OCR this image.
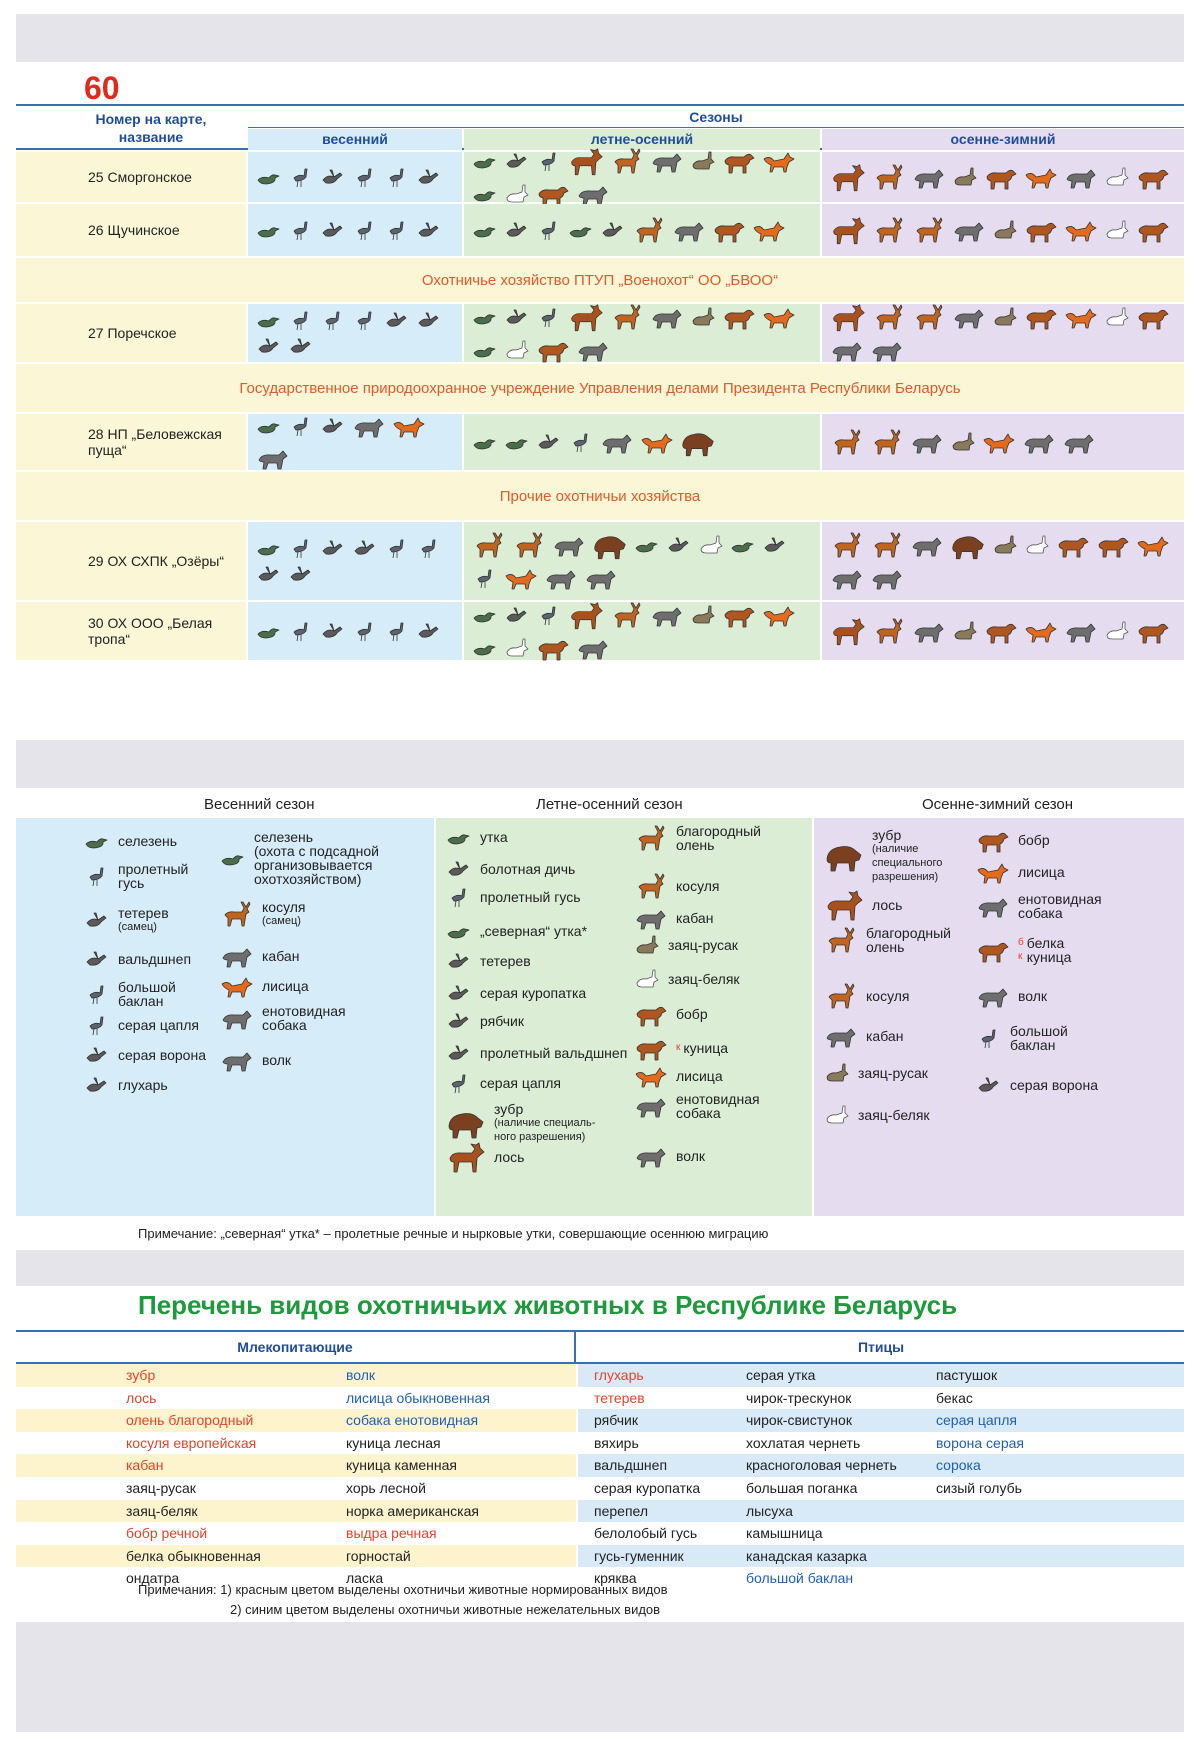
60
Номер на карте,
название
Сезоны
весенний	летне-осенний	осенне-зимний
25 Сморгонское
26 Щучинское
Охотничье хозяйство ПТУП „Военохот“ ОО „БВОО“
27 Поречское
Государственное природоохранное учреждение Управления делами Президента Республики Беларусь
28 НП „Беловежская пуща“
Прочие охотничьи хозяйства
29 ОХ СХПК „Озёры“
30 ОХ ООО „Белая тропа“
Весенний сезон	Летне-осенний сезон	Осенне-зимний сезон
селезень
пролетный
гусь
тетерев
(самец)
вальдшнеп
большой
баклан
серая цапля
серая ворона
глухарь
селезень
(охота с подсадной
организовывается
охотхозяйством)
косуля
(самец)
кабан
лисица
енотовидная
собака
волк
утка
болотная дичь
пролетный гусь
„северная“ утка*
тетерев
серая куропатка
рябчик
пролетный вальдшнеп
серая цапля
зубр
(наличие специаль-
ного разрешения)
лось
благородный
олень
косуля
кабан
заяц-русак
заяц-беляк
бобр
к куница
лисица
енотовидная
собака
волк
зубр
(наличие
специального
разрешения)
лось
благородный
олень
косуля
кабан
заяц-русак
заяц-беляк
бобр
лисица
енотовидная
собака
б
кбелка
куница
волк
большой
баклан
серая ворона
Примечание: „северная“ утка* – пролетные речные и нырковые утки, совершающие осеннюю миграцию
Перечень видов охотничьих животных в Республике Беларусь
Млекопитающие	Птицы
зубр	волк	глухарь	серая утка	пастушок
лось	лисица обыкновенная	тетерев	чирок-трескунок	бекас
олень благородный	собака енотовидная	рябчик	чирок-свистунок	серая цапля
косуля европейская	куница лесная	вяхирь	хохлатая чернеть	ворона серая
кабан	куница каменная	вальдшнеп	красноголовая чернеть	сорока
заяц-русак	хорь лесной	серая куропатка	большая поганка	сизый голубь
заяц-беляк	норка американская	перепел	лысуха
бобр речной	выдра речная	белолобый гусь	камышница
белка обыкновенная	горностай	гусь-гуменник	канадская казарка
ондатра	ласка	кряква	большой баклан
Примечания: 1) красным цветом выделены охотничьи животные нормированных видов
2) синим цветом выделены охотничьи животные нежелательных видов
